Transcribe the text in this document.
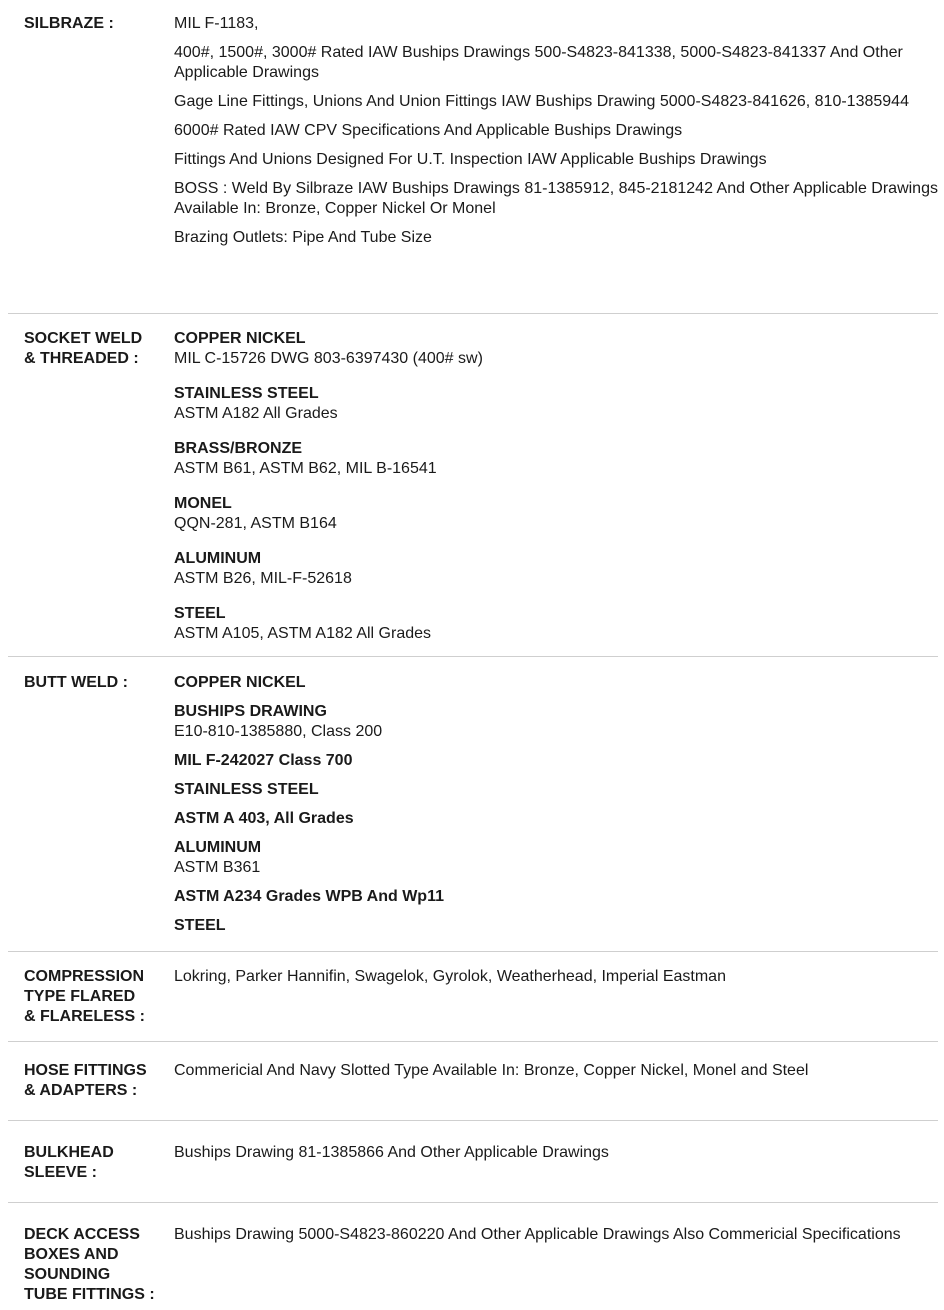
SILBRAZE :	MIL F-1183,

400#, 1500#, 3000# Rated IAW Buships Drawings 500-S4823-841338, 5000-S4823-841337 And Other Applicable Drawings

Gage Line Fittings, Unions And Union Fittings IAW Buships Drawing 5000-S4823-841626, 810-1385944

6000# Rated IAW CPV Specifications And Applicable Buships Drawings

Fittings And Unions Designed For U.T. Inspection IAW Applicable Buships Drawings

BOSS : Weld By Silbraze IAW Buships Drawings 81-1385912, 845-2181242 And Other Applicable Drawings Available In: Bronze, Copper Nickel Or Monel

Brazing Outlets: Pipe And Tube Size

SOCKET WELD
& THREADED :
COPPER NICKEL
MIL C-15726 DWG 803-6397430 (400# sw)
STAINLESS STEEL
ASTM A182 All Grades
BRASS/BRONZE
ASTM B61, ASTM B62, MIL B-16541
MONEL
QQN-281, ASTM B164
ALUMINUM
ASTM B26, MIL-F-52618
STEEL
ASTM A105, ASTM A182 All Grades
BUTT WELD :	COPPER NICKEL
BUSHIPS DRAWING
E10-810-1385880, Class 200
MIL F-242027 Class 700
STAINLESS STEEL
ASTM A 403, All Grades
ALUMINUM
ASTM B361
ASTM A234 Grades WPB And Wp11
STEEL
COMPRESSION
TYPE FLARED
& FLARELESS :
Lokring, Parker Hannifin, Swagelok, Gyrolok, Weatherhead, Imperial Eastman
HOSE FITTINGS
& ADAPTERS :
Commericial And Navy Slotted Type Available In: Bronze, Copper Nickel, Monel and Steel
BULKHEAD
SLEEVE :
Buships Drawing 81-1385866 And Other Applicable Drawings
DECK ACCESS
BOXES AND
SOUNDING
TUBE FITTINGS :
Buships Drawing 5000-S4823-860220 And Other Applicable Drawings Also Commericial Specifications
